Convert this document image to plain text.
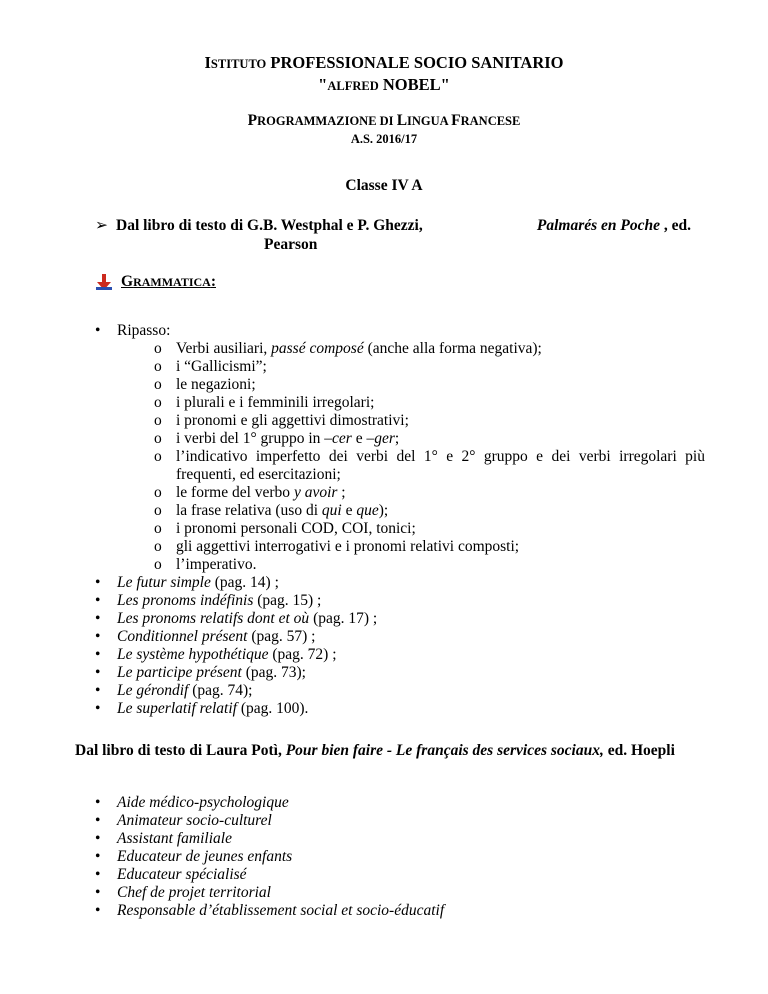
ISTITUTO PROFESSIONALE SOCIO SANITARIO
"ALFRED NOBEL"
PROGRAMMAZIONE DI LINGUA FRANCESE
A.S. 2016/17
Classe IV A
➢ Dal libro di testo di G.B. Westphal e P. Ghezzi,	Palmarés en Poche , ed.
Pearson
GRAMMATICA:
• Ripasso:
o Verbi ausiliari, passé composé (anche alla forma negativa);
o i “Gallicismi”;
o le negazioni;
o i plurali e i femminili irregolari;
o i pronomi e gli aggettivi dimostrativi;
o i verbi del 1° gruppo in –cer e –ger;
o l’indicativo imperfetto dei verbi del 1° e 2° gruppo e dei verbi irregolari più frequenti, ed esercitazioni;
o le forme del verbo y avoir ;
o la frase relativa (uso di qui e que);
o i pronomi personali COD, COI, tonici;
o gli aggettivi interrogativi e i pronomi relativi composti;
o l’imperativo.
• Le futur simple (pag. 14) ;
• Les pronoms indéfinis (pag. 15) ;
• Les pronoms relatifs dont et où (pag. 17) ;
• Conditionnel présent (pag. 57) ;
• Le système hypothétique (pag. 72) ;
• Le participe présent (pag. 73);
• Le gérondif (pag. 74);
• Le superlatif relatif (pag. 100).
Dal libro di testo di Laura Potì, Pour bien faire - Le français des services sociaux, ed. Hoepli
• Aide médico-psychologique
• Animateur socio-culturel
• Assistant familiale
• Educateur de jeunes enfants
• Educateur spécialisé
• Chef de projet territorial
• Responsable d’établissement social et socio-éducatif
